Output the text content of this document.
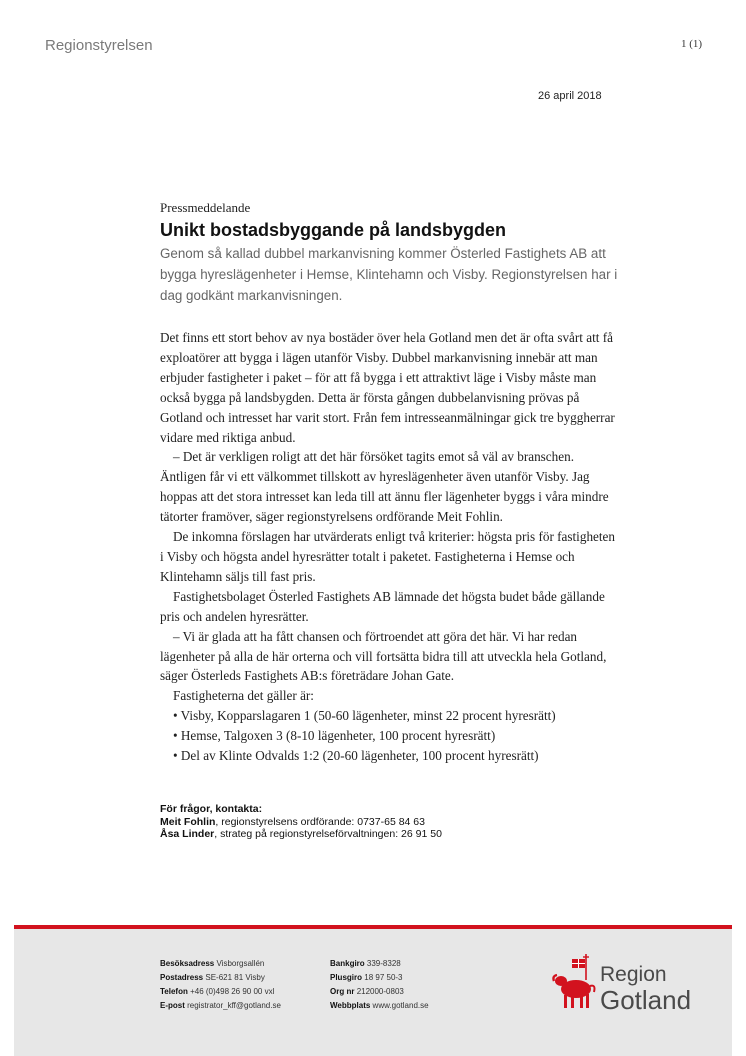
Regionstyrelsen	1 (1)
26 april 2018
Pressmeddelande
Unikt bostadsbyggande på landsbygden
Genom så kallad dubbel markanvisning kommer Österled Fastighets AB att bygga hyreslägenheter i Hemse, Klintehamn och Visby. Regionstyrelsen har i dag godkänt markanvisningen.

Det finns ett stort behov av nya bostäder över hela Gotland men det är ofta svårt att få exploatörer att bygga i lägen utanför Visby. Dubbel markanvisning innebär att man erbjuder fastigheter i paket – för att få bygga i ett attraktivt läge i Visby måste man också bygga på landsbygden. Detta är första gången dubbelanvisning prövas på Gotland och intresset har varit stort. Från fem intresseanmälningar gick tre byggherrar vidare med riktiga anbud.

– Det är verkligen roligt att det här försöket tagits emot så väl av branschen. Äntligen får vi ett välkommet tillskott av hyreslägenheter även utanför Visby. Jag hoppas att det stora intresset kan leda till att ännu fler lägenheter byggs i våra mindre tätorter framöver, säger regionstyrelsens ordförande Meit Fohlin.

De inkomna förslagen har utvärderats enligt två kriterier: högsta pris för fastigheten i Visby och högsta andel hyresrätter totalt i paketet. Fastigheterna i Hemse och Klintehamn säljs till fast pris.

Fastighetsbolaget Österled Fastighets AB lämnade det högsta budet både gällande pris och andelen hyresrätter.

– Vi är glada att ha fått chansen och förtroendet att göra det här. Vi har redan lägenheter på alla de här orterna och vill fortsätta bidra till att utveckla hela Gotland, säger Österleds Fastighets AB:s företrädare Johan Gate.

Fastigheterna det gäller är:

• Visby, Kopparslagaren 1 (50-60 lägenheter, minst 22 procent hyresrätt)

• Hemse, Talgoxen 3 (8-10 lägenheter, 100 procent hyresrätt)

• Del av Klinte Odvalds 1:2 (20-60 lägenheter, 100 procent hyresrätt)

För frågor, kontakta:
Meit Fohlin, regionstyrelsens ordförande: 0737-65 84 63
Åsa Linder, strateg på regionstyrelseförvaltningen: 26 91 50
Besöksadress Visborgsallén
Postadress SE-621 81 Visby
Telefon +46 (0)498 26 90 00 vxl
E-post registrator_kff@gotland.se
Bankgiro 339-8328
Plusgiro 18 97 50-3
Org nr 212000-0803
Webbplats www.gotland.se
Region
Gotland
